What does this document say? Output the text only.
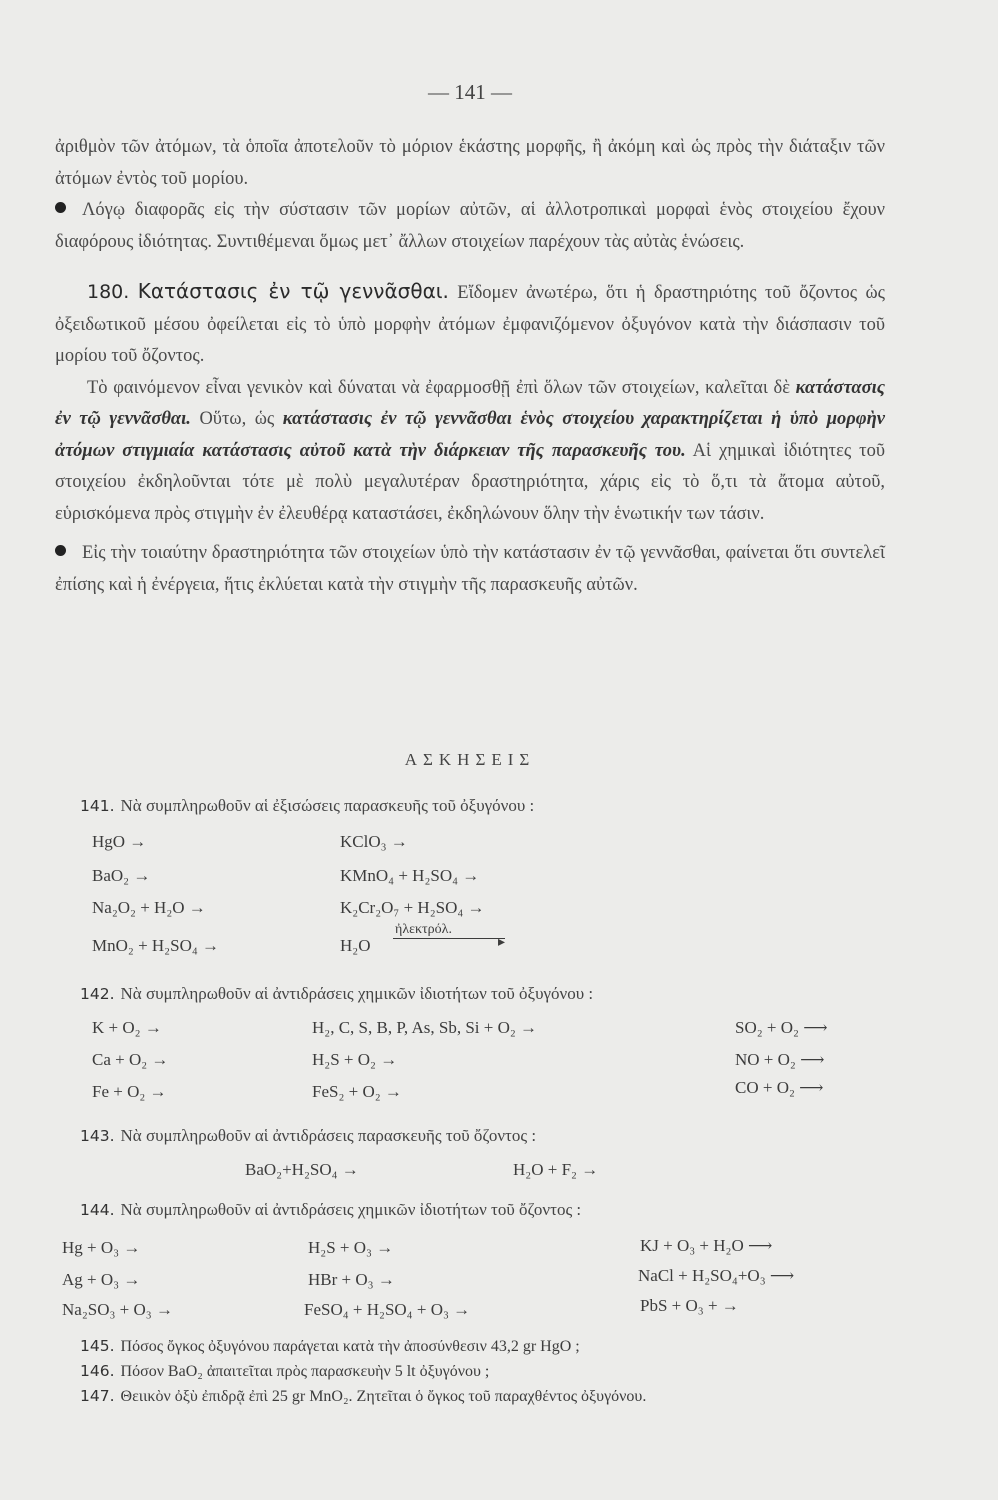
— 141 —

ἀριθμὸν τῶν ἀτόμων, τὰ ὁποῖα ἀποτελοῦν τὸ μόριον ἑκάστης μορφῆς, ἢ ἀκόμη καὶ ὡς πρὸς τὴν διάταξιν τῶν ἀτόμων ἐντὸς τοῦ μορίου.

Λόγῳ διαφορᾶς εἰς τὴν σύστασιν τῶν μορίων αὐτῶν, αἱ ἀλλοτροπικαὶ μορφαὶ ἑνὸς στοιχείου ἔχουν διαφόρους ἰδιότητας. Συντιθέμεναι ὅμως μετ᾽ ἄλλων στοιχείων παρέχουν τὰς αὐτὰς ἑνώσεις.

180. Κατάστασις ἐν τῷ γεννᾶσθαι. Εἴδομεν ἀνωτέρω, ὅτι ἡ δραστηριότης τοῦ ὄζοντος ὡς ὀξειδωτικοῦ μέσου ὀφείλεται εἰς τὸ ὑπὸ μορφὴν ἀτόμων ἐμφανιζόμενον ὀξυγόνον κατὰ τὴν διάσπασιν τοῦ μορίου τοῦ ὄζοντος.

Τὸ φαινόμενον εἶναι γενικὸν καὶ δύναται νὰ ἐφαρμοσθῇ ἐπὶ ὅλων τῶν στοιχείων, καλεῖται δὲ κατάστασις ἐν τῷ γεννᾶσθαι. Οὕτω, ὡς κατάστασις ἐν τῷ γεννᾶσθαι ἑνὸς στοιχείου χαρακτηρίζεται ἡ ὑπὸ μορφὴν ἀτόμων στιγμιαία κατάστασις αὐτοῦ κατὰ τὴν διάρκειαν τῆς παρασκευῆς του. Αἱ χημικαὶ ἰδιότητες τοῦ στοιχείου ἐκδηλοῦνται τότε μὲ πολὺ μεγαλυτέραν δραστηριότητα, χάρις εἰς τὸ ὅ,τι τὰ ἄτομα αὐτοῦ, εὑρισκόμενα πρὸς στιγμὴν ἐν ἐλευθέρᾳ καταστάσει, ἐκδηλώνουν ὅλην τὴν ἑνωτικήν των τάσιν.

Εἰς τὴν τοιαύτην δραστηριότητα τῶν στοιχείων ὑπὸ τὴν κατάστασιν ἐν τῷ γεννᾶσθαι, φαίνεται ὅτι συντελεῖ ἐπίσης καὶ ἡ ἐνέργεια, ἥτις ἐκλύεται κατὰ τὴν στιγμὴν τῆς παρασκευῆς αὐτῶν.

ΑΣΚΗΣΕΙΣ
141. Νὰ συμπληρωθοῦν αἱ ἐξισώσεις παρασκευῆς τοῦ ὀξυγόνου :
HgO →	KClO₃ →
BaO₂ →	KMnO₄ + H₂SO₄ →
Na₂O₂ + H₂O →	K₂Cr₂O₇ + H₂SO₄ →
MnO₂ + H₂SO₄ →	H₂O
ἠλεκτρόλ.
▸
142. Νὰ συμπληρωθοῦν αἱ ἀντιδράσεις χημικῶν ἰδιοτήτων τοῦ ὀξυγόνου :
K + O₂ →	H₂, C, S, B, P, As, Sb, Si + O₂ →	SO₂ + O₂ ⟶
Ca + O₂ →	H₂S + O₂ →	NO + O₂ ⟶
Fe + O₂ →	FeS₂ + O₂ →	CO + O₂ ⟶
143. Νὰ συμπληρωθοῦν αἱ ἀντιδράσεις παρασκευῆς τοῦ ὄζοντος :
BaO₂+H₂SO₄ →	H₂O + F₂ →
144. Νὰ συμπληρωθοῦν αἱ ἀντιδράσεις χημικῶν ἰδιοτήτων τοῦ ὄζοντος :
Hg + O₃ →	H₂S + O₃ →	KJ + O₃ + H₂O ⟶
Ag + O₃ →	HBr + O₃ →	NaCl + H₂SO₄+O₃ ⟶
Na₂SO₃ + O₃ →	FeSO₄ + H₂SO₄ + O₃ →	PbS + O₃ + →
145. Πόσος ὄγκος ὀξυγόνου παράγεται κατὰ τὴν ἀποσύνθεσιν 43,2 gr HgO ;
146. Πόσον BaO₂ ἀπαιτεῖται πρὸς παρασκευὴν 5 lt ὀξυγόνου ;
147. Θειικὸν ὀξὺ ἐπιδρᾷ ἐπὶ 25 gr MnO₂. Ζητεῖται ὁ ὄγκος τοῦ παραχθέντος ὀξυγόνου.
